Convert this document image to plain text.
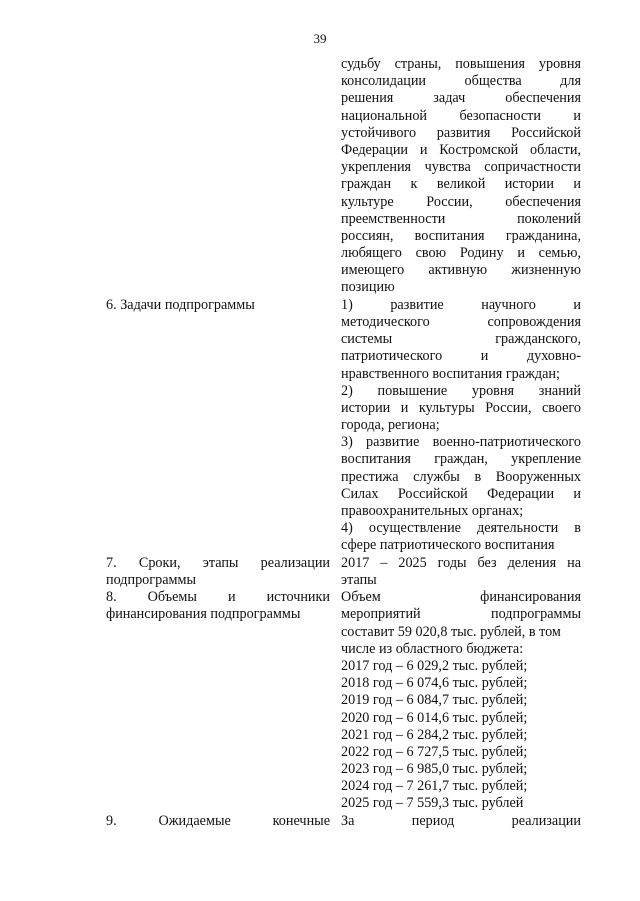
39
судьбу страны, повышения уровня
консолидации общества для
решения задач обеспечения
национальной безопасности и
устойчивого развития Российской
Федерации и Костромской области,
укрепления чувства сопричастности
граждан к великой истории и
культуре России, обеспечения
преемственности поколений
россиян, воспитания гражданина,
любящего свою Родину и семью,
имеющего активную жизненную
позицию
6. Задачи подпрограммы	1) развитие научного и
методического сопровождения
системы гражданского,
патриотического и духовно-
нравственного воспитания граждан;
2) повышение уровня знаний
истории и культуры России, своего
города, региона;
3) развитие военно-патриотического
воспитания граждан, укрепление
престижа службы в Вооруженных
Силах Российской Федерации и
правоохранительных органах;
4) осуществление деятельности в
сфере патриотического воспитания
7. Сроки, этапы реализации
подпрограммы
2017 – 2025 годы без деления на
этапы
8. Объемы и источники
финансирования подпрограммы
Объем финансирования
мероприятий подпрограммы
составит 59 020,8 тыс. рублей, в том
числе из областного бюджета:
2017 год – 6 029,2 тыс. рублей;
2018 год – 6 074,6 тыс. рублей;
2019 год – 6 084,7 тыс. рублей;
2020 год – 6 014,6 тыс. рублей;
2021 год – 6 284,2 тыс. рублей;
2022 год – 6 727,5 тыс. рублей;
2023 год – 6 985,0 тыс. рублей;
2024 год – 7 261,7 тыс. рублей;
2025 год – 7 559,3 тыс. рублей
9. Ожидаемые конечные За период реализации
